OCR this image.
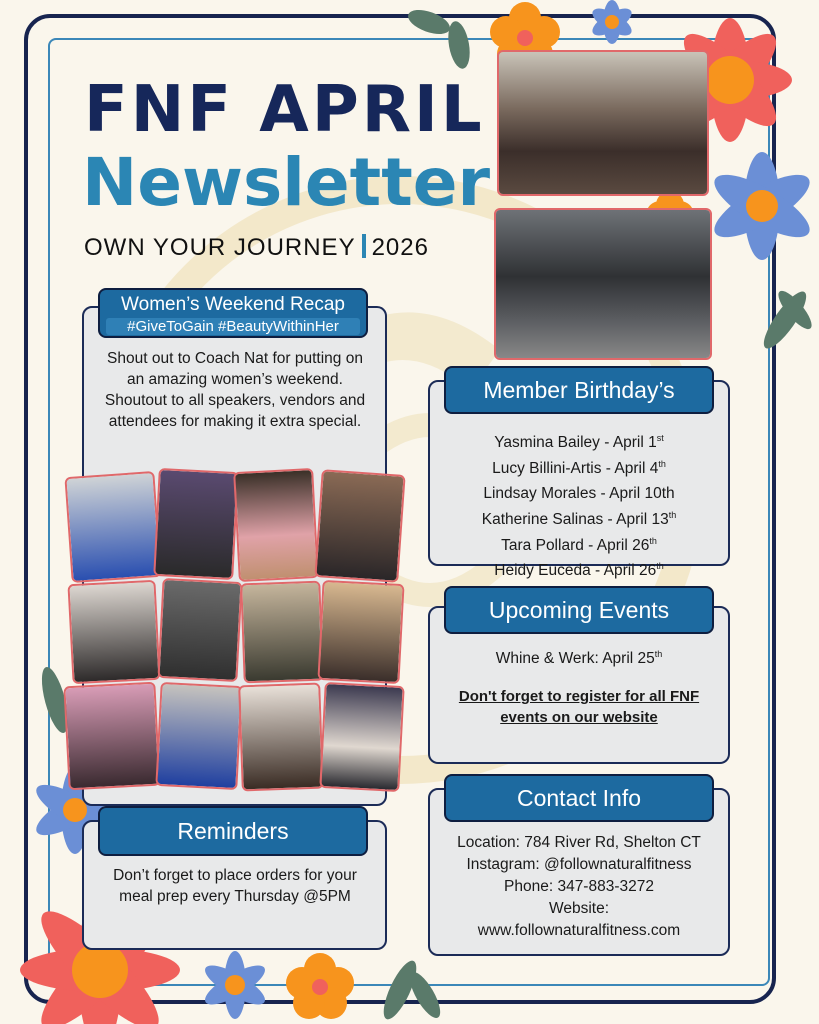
FNF APRIL
Newsletter
OWN YOUR JOURNEY 2026
Women’s Weekend Recap
#GiveToGain #BeautyWithinHer
Shout out to Coach Nat for putting on an amazing women’s weekend. Shoutout to all speakers, vendors and attendees for making it extra special.
Reminders
Don’t forget to place orders for your meal prep every Thursday @5PM
Member Birthday’s
Yasmina Bailey - April 1st
Lucy Billini-Artis - April 4th
Lindsay Morales - April 10th
Katherine Salinas - April 13th
Tara Pollard - April 26th
Heidy Euceda - April 26th
Upcoming Events
Whine & Werk: April 25th
Don't forget to register for all FNF events on our website
Contact Info
Location: 784 River Rd, Shelton CT
Instagram: @follownaturalfitness
Phone: 347-883-3272
Website:
www.follownaturalfitness.com
